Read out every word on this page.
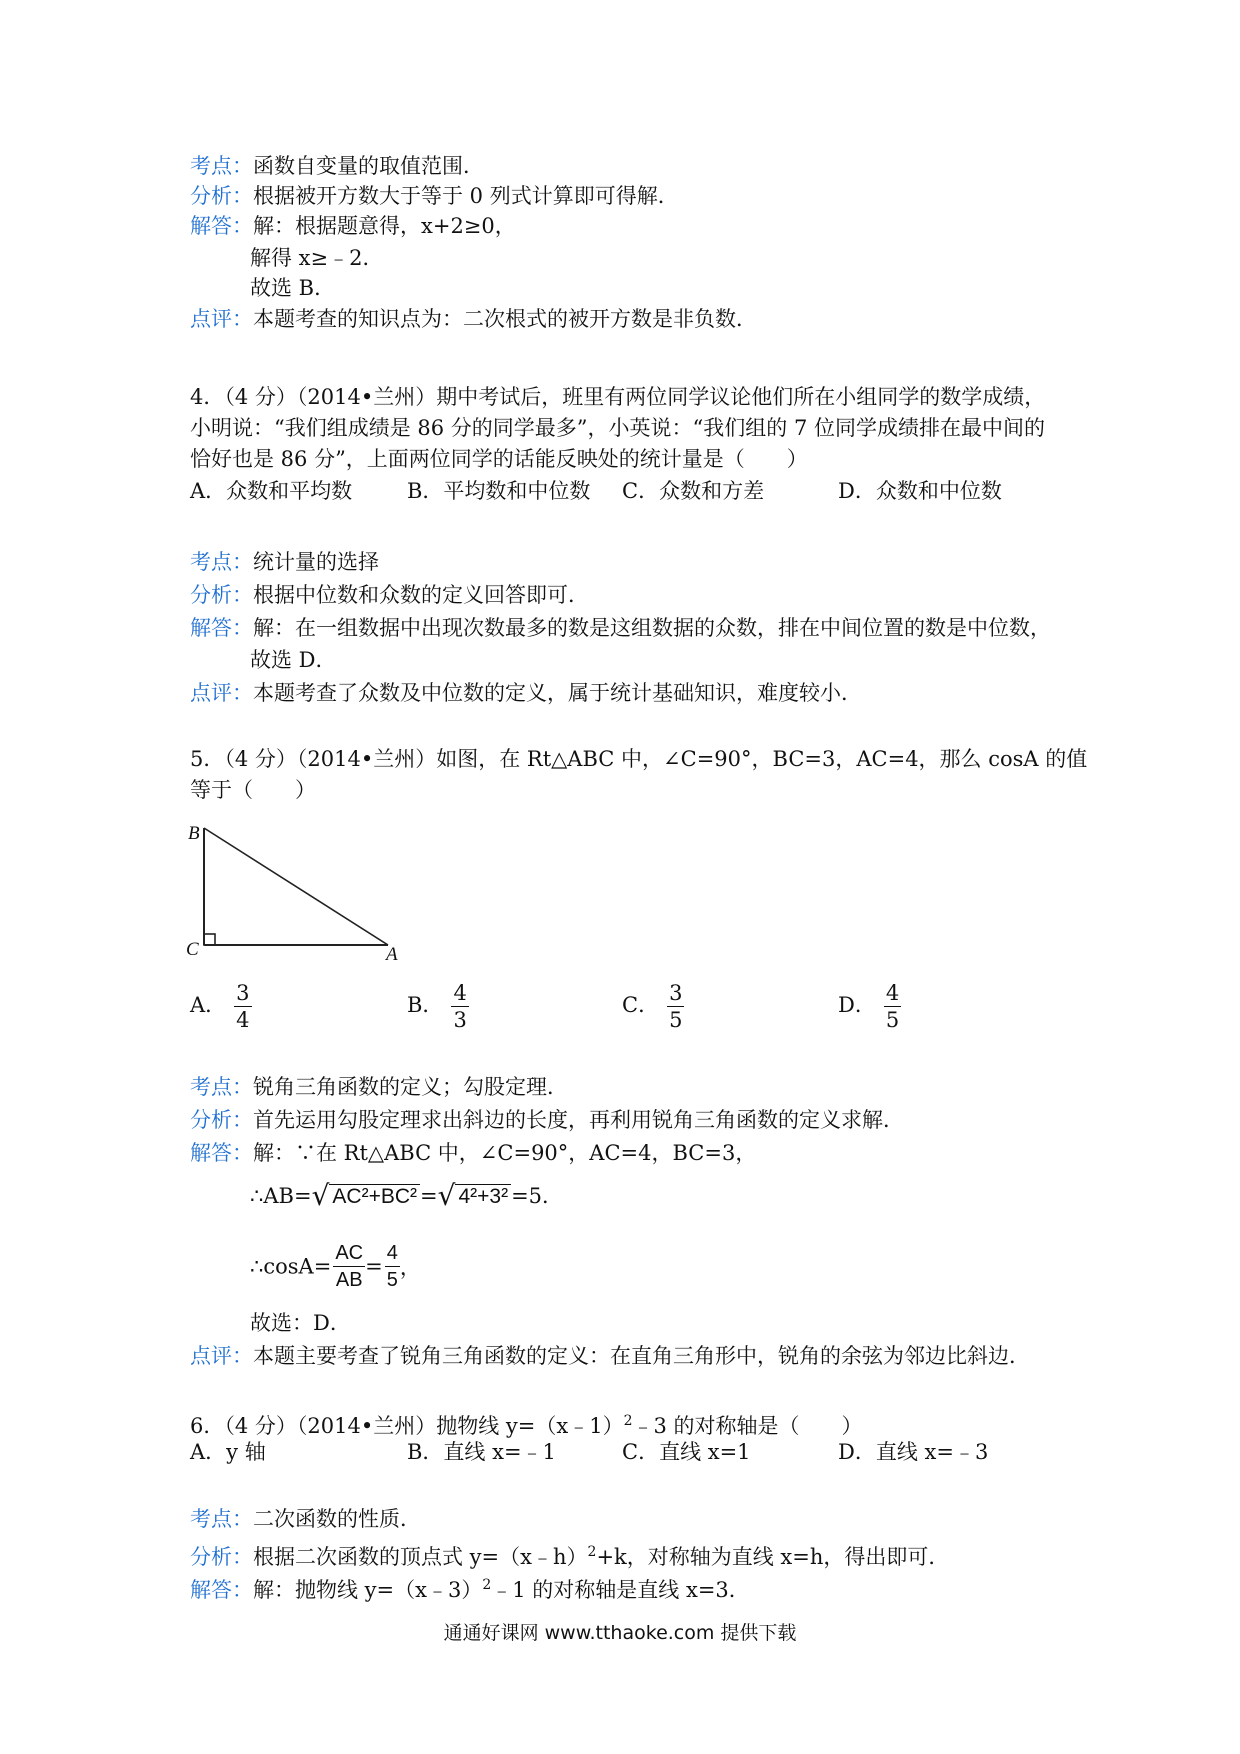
考点：函数自变量的取值范围．
分析：根据被开方数大于等于 0 列式计算即可得解．
解答：解：根据题意得，x+2≥0，
解得 x≥﹣2．
故选 B．
点评：本题考查的知识点为：二次根式的被开方数是非负数．
4．（4 分）（2014•兰州）期中考试后，班里有两位同学议论他们所在小组同学的数学成绩，
小明说：“我们组成绩是 86 分的同学最多”，小英说：“我们组的 7 位同学成绩排在最中间的
恰好也是 86 分”，上面两位同学的话能反映处的统计量是（　　）
A．众数和平均数	B．平均数和中位数 C．众数和方差	D．众数和中位数
考点：统计量的选择
分析：根据中位数和众数的定义回答即可．
解答：解：在一组数据中出现次数最多的数是这组数据的众数，排在中间位置的数是中位数，
故选 D．
点评：本题考查了众数及中位数的定义，属于统计基础知识，难度较小．
5．（4 分）（2014•兰州）如图，在 Rt△ABC 中，∠C=90°，BC=3，AC=4，那么 cosA 的值
等于（　　）
B
C	A
A． $\frac{3}{4}$	B． $\frac{4}{3}$	C． $\frac{3}{5}$	D． $\frac{4}{5}$
考点：锐角三角函数的定义；勾股定理．
分析：首先运用勾股定理求出斜边的长度，再利用锐角三角函数的定义求解．
解答：解：∵在 Rt△ABC 中，∠C=90°，AC=4，BC=3，
∴AB=√ AC²+BC² =√ 4²+3² =5．
∴cosA= $\frac{AC}{AB} = \frac{4}{5}$ ，
故选：D．
点评：本题主要考查了锐角三角函数的定义：在直角三角形中，锐角的余弦为邻边比斜边．
6．（4 分）（2014•兰州）抛物线 y=（x﹣1）$^2$﹣3 的对称轴是（　　）
A．y 轴	B．直线 x=﹣1	C．直线 x=1	D．直线 x=﹣3
考点：二次函数的性质．
分析：根据二次函数的顶点式 y=（x﹣h）$^2$+k，对称轴为直线 x=h，得出即可．
解答：解：抛物线 y=（x﹣3）$^2$﹣1 的对称轴是直线 x=3．
通通好课网 www.tthaoke.com 提供下载
